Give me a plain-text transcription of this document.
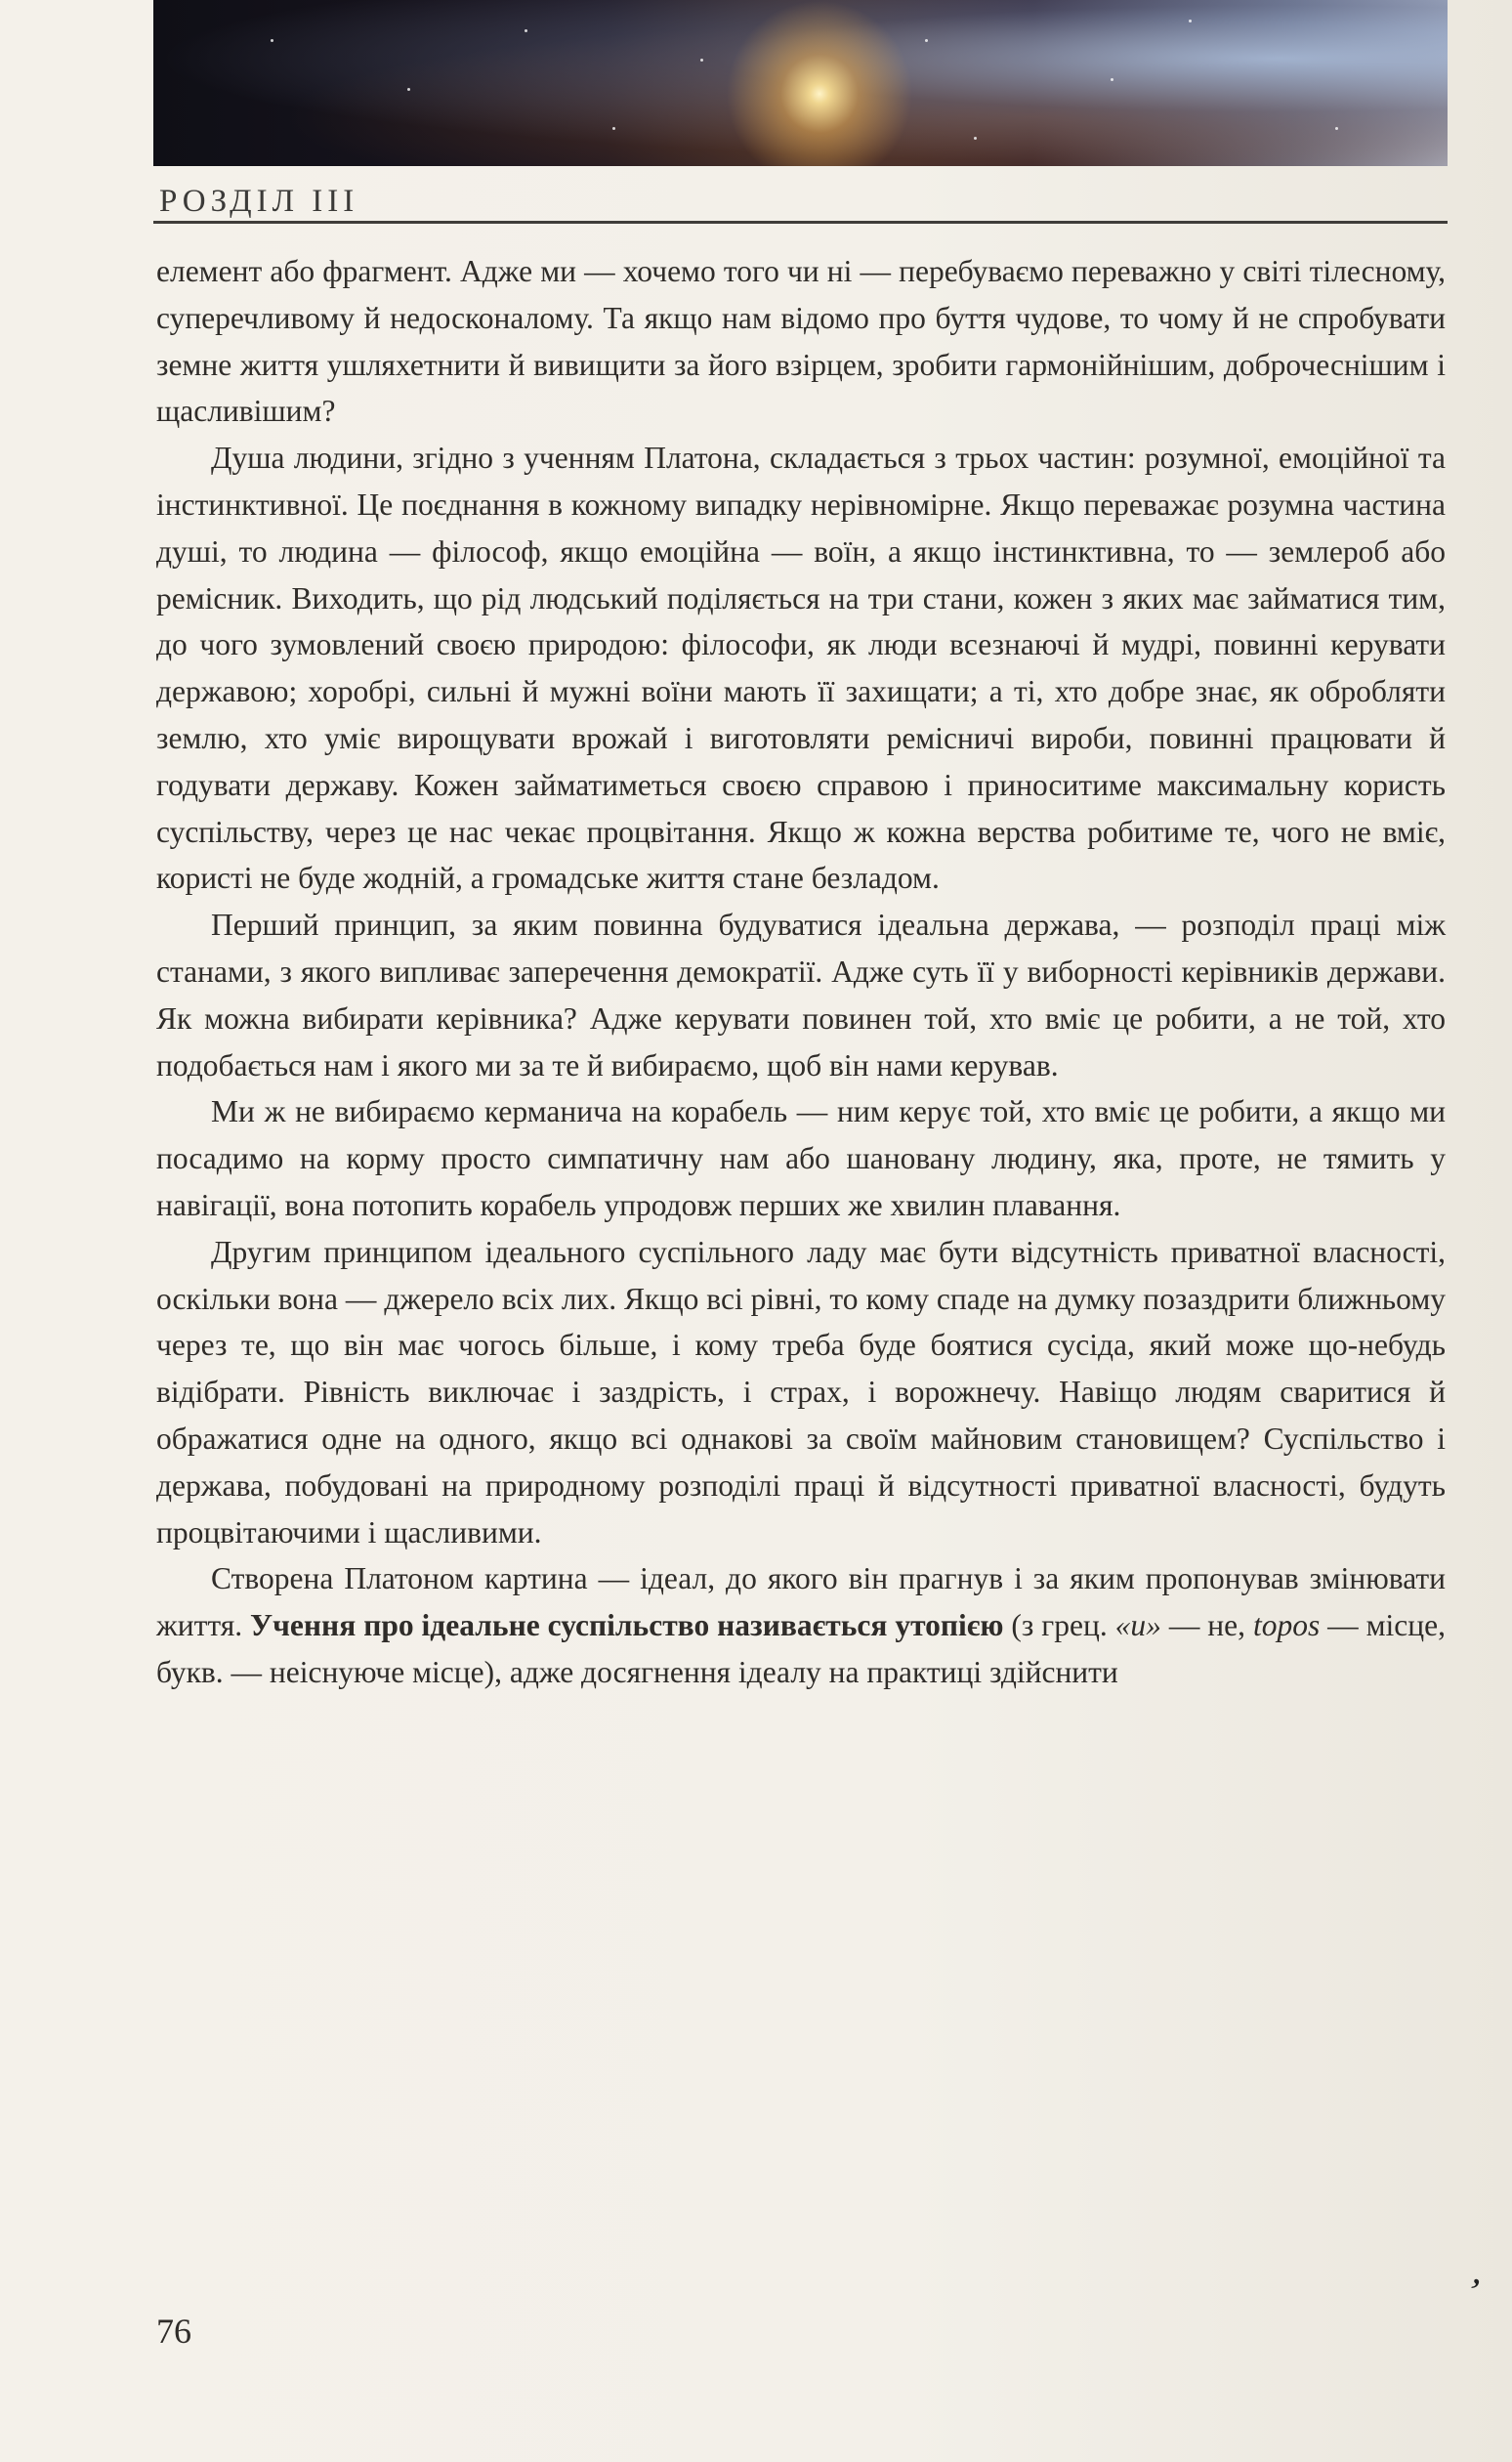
РОЗДІЛ III

елемент або фрагмент. Адже ми — хочемо того чи ні — перебуваємо переважно у світі тілесному, суперечливому й недосконалому. Та якщо нам відомо про буття чудове, то чому й не спробувати земне життя ушляхетнити й вивищити за його взірцем, зробити гармонійнішим, доброчеснішим і щасливішим?

Душа людини, згідно з ученням Платона, складається з трьох частин: розумної, емоційної та інстинктивної. Це поєднання в кожному випадку нерівномірне. Якщо переважає розумна частина душі, то людина — філософ, якщо емоційна — воїн, а якщо інстинктивна, то — землероб або ремісник. Виходить, що рід людський поділяється на три стани, кожен з яких має займатися тим, до чого зумовлений своєю природою: філософи, як люди всезнаючі й мудрі, повинні керувати державою; хоробрі, сильні й мужні воїни мають її захищати; а ті, хто добре знає, як обробляти землю, хто уміє вирощувати врожай і виготовляти ремісничі вироби, повинні працювати й годувати державу. Кожен займатиметься своєю справою і приноситиме максимальну користь суспільству, через це нас чекає процвітання. Якщо ж кожна верства робитиме те, чого не вміє, користі не буде жодній, а громадське життя стане безладом.

Перший принцип, за яким повинна будуватися ідеальна держава, — розподіл праці між станами, з якого випливає заперечення демократії. Адже суть її у виборності керівників держави. Як можна вибирати керівника? Адже керувати повинен той, хто вміє це робити, а не той, хто подобається нам і якого ми за те й вибираємо, щоб він нами керував.

Ми ж не вибираємо керманича на корабель — ним керує той, хто вміє це робити, а якщо ми посадимо на корму просто симпатичну нам або шановану людину, яка, проте, не тямить у навігації, вона потопить корабель упродовж перших же хвилин плавання.

Другим принципом ідеального суспільного ладу має бути відсутність приватної власності, оскільки вона — джерело всіх лих. Якщо всі рівні, то кому спаде на думку позаздрити ближньому через те, що він має чогось більше, і кому треба буде боятися сусіда, який може що-небудь відібрати. Рівність виключає і заздрість, і страх, і ворожнечу. Навіщо людям сваритися й ображатися одне на одного, якщо всі однакові за своїм майновим становищем? Суспільство і держава, побудовані на природному розподілі праці й відсутності приватної власності, будуть процвітаючими і щасливими.

Створена Платоном картина — ідеал, до якого він прагнув і за яким пропонував змінювати життя. Учення про ідеальне суспільство називається утопією (з грец. «u» — не, topos — місце, букв. — неіснуюче місце), адже досягнення ідеалу на практиці здійснити

76
ʼ
